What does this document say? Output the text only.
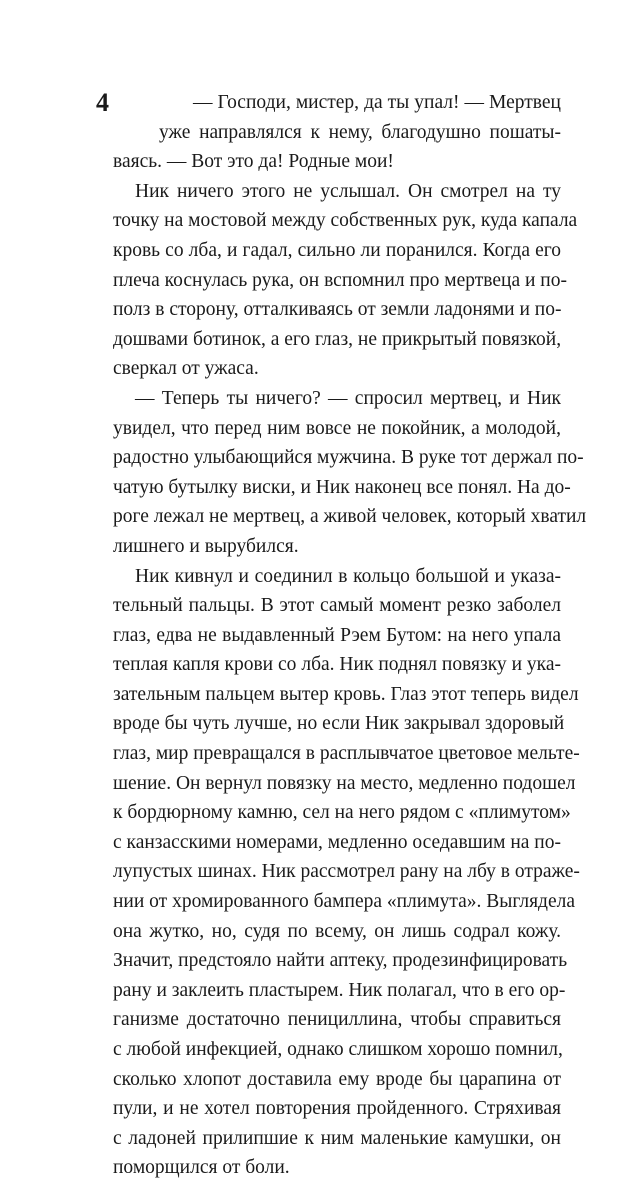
4	— Господи, мистер, да ты упал! — Мертвец
уже направлялся к нему, благодушно пошаты-
ваясь. — Вот это да! Родные мои!
Ник ничего этого не услышал. Он смотрел на ту
точку на мостовой между собственных рук, куда капала
кровь со лба, и гадал, сильно ли поранился. Когда его
плеча коснулась рука, он вспомнил про мертвеца и по-
полз в сторону, отталкиваясь от земли ладонями и по-
дошвами ботинок, а его глаз, не прикрытый повязкой,
сверкал от ужаса.
— Теперь ты ничего? — спросил мертвец, и Ник
увидел, что перед ним вовсе не покойник, а молодой,
радостно улыбающийся мужчина. В руке тот держал по-
чатую бутылку виски, и Ник наконец все понял. На до-
роге лежал не мертвец, а живой человек, который хватил
лишнего и вырубился.
Ник кивнул и соединил в кольцо большой и указа-
тельный пальцы. В этот самый момент резко заболел
глаз, едва не выдавленный Рэем Бутом: на него упала
теплая капля крови со лба. Ник поднял повязку и ука-
зательным пальцем вытер кровь. Глаз этот теперь видел
вроде бы чуть лучше, но если Ник закрывал здоровый
глаз, мир превращался в расплывчатое цветовое мельте-
шение. Он вернул повязку на место, медленно подошел
к бордюрному камню, сел на него рядом с «плимутом»
с канзасскими номерами, медленно оседавшим на по-
лупустых шинах. Ник рассмотрел рану на лбу в отраже-
нии от хромированного бампера «плимута». Выглядела
она жутко, но, судя по всему, он лишь содрал кожу.
Значит, предстояло найти аптеку, продезинфицировать
рану и заклеить пластырем. Ник полагал, что в его ор-
ганизме достаточно пенициллина, чтобы справиться
с любой инфекцией, однако слишком хорошо помнил,
сколько хлопот доставила ему вроде бы царапина от
пули, и не хотел повторения пройденного. Стряхивая
с ладоней прилипшие к ним маленькие камушки, он
поморщился от боли.
